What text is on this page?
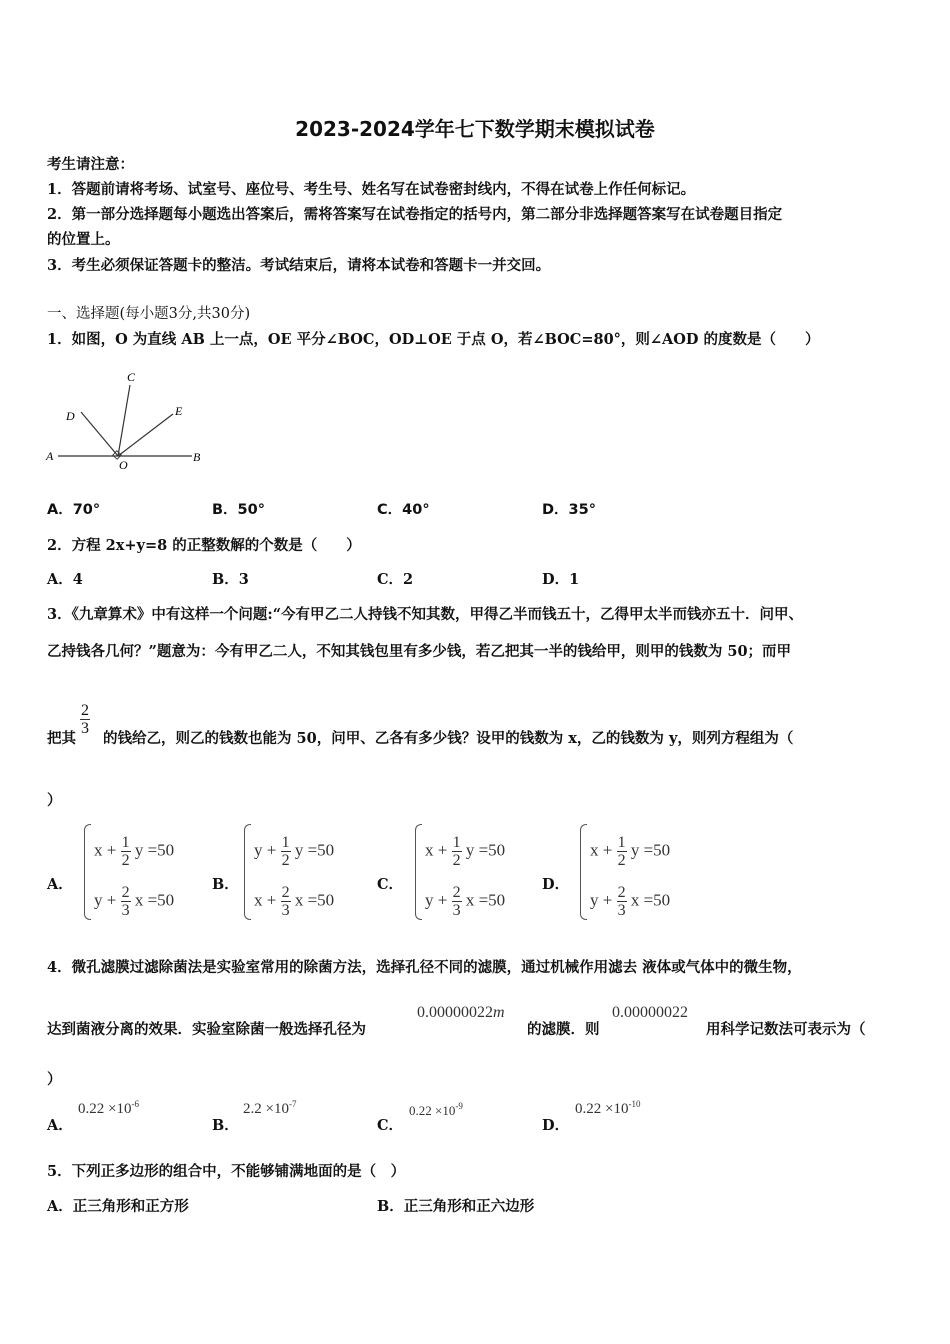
2023-2024学年七下数学期末模拟试卷
考生请注意：
1．答题前请将考场、试室号、座位号、考生号、姓名写在试卷密封线内，不得在试卷上作任何标记。
2．第一部分选择题每小题选出答案后，需将答案写在试卷指定的括号内，第二部分非选择题答案写在试卷题目指定
的位置上。
3．考生必须保证答题卡的整洁。考试结束后，请将本试卷和答题卡一并交回。
一、选择题(每小题3分,共30分)
1．如图，O 为直线 AB 上一点，OE 平分∠BOC，OD⊥OE 于点 O，若∠BOC=80°，则∠AOD 的度数是（　　）
A	B
C
D	E
O
A．70°	B．50°	C．40°	D．35°
2．方程 2x+y=8 的正整数解的个数是（　　）
A．4	B．3	C．2	D．1
3．《九章算术》中有这样一个问题:“今有甲乙二人持钱不知其数，甲得乙半而钱五十，乙得甲太半而钱亦五十．问甲、
乙持钱各几何？”题意为：今有甲乙二人，不知其钱包里有多少钱，若乙把其一半的钱给甲，则甲的钱数为 50；而甲
把其
$\frac{2}{3}$
的钱给乙，则乙的钱数也能为 50，问甲、乙各有多少钱？设甲的钱数为 x，乙的钱数为 y，则列方程组为（
）
A．
$x + \frac{1}{2}$ y =50
$y + \frac{2}{3}$ x =50
B．
$y + \frac{1}{2}$ y =50
$x + \frac{2}{3}$ x =50
C．
$x + \frac{1}{2}$ y =50
$y + \frac{2}{3}$ x =50
D．
$x + \frac{1}{2}$ y =50
$y + \frac{2}{3}$ x =50
4．微孔滤膜过滤除菌法是实验室常用的除菌方法，选择孔径不同的滤膜，通过机械作用滤去 液体或气体中的微生物，
达到菌液分离的效果．实验室除菌一般选择孔径为
0.00000022m
的滤膜．则
0.00000022
用科学记数法可表示为（
）
A．
$0.22 \times 10^{-6}$
B．
$2.2 \times 10^{-7}$
C．
$0.22 \times 10^{-9}$
D．
$0.22 \times 10^{-10}$
5．下列正多边形的组合中，不能够铺满地面的是（　）
A．正三角形和正方形	B．正三角形和正六边形
